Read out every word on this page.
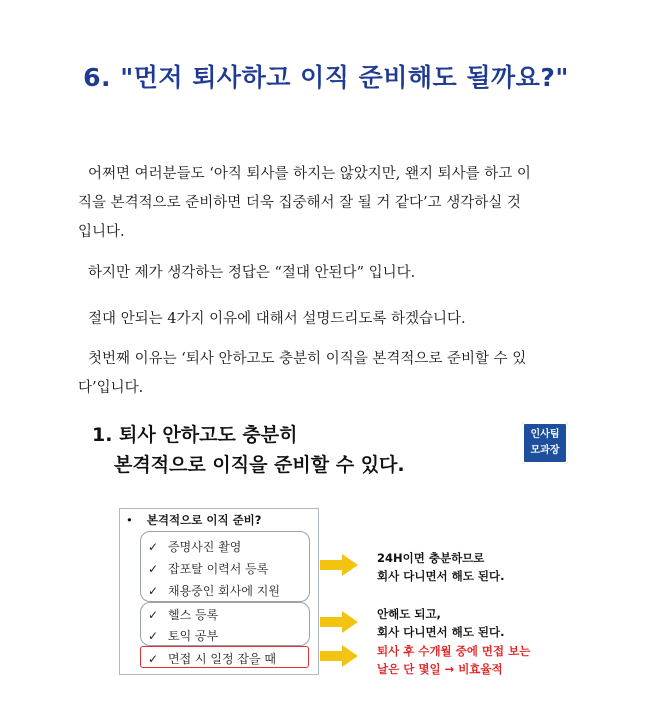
6. "먼저 퇴사하고 이직 준비해도 될까요?"
어쩌면 여러분들도 ‘아직 퇴사를 하지는 않았지만, 왠지 퇴사를 하고 이
직을 본격적으로 준비하면 더욱 집중해서 잘 될 거 같다’고 생각하실 것
입니다.
하지만 제가 생각하는 정답은 “절대 안된다” 입니다.
절대 안되는 4가지 이유에 대해서 설명드리도록 하겠습니다.
첫번째 이유는 ‘퇴사 안하고도 충분히 이직을 본격적으로 준비할 수 있
다’입니다.
1. 퇴사 안하고도 충분히
본격적으로 이직을 준비할 수 있다.
인사팀
모과장
• 본격적으로 이직 준비?
✓ 증명사진 촬영
✓ 잡포탈 이력서 등록
✓ 채용중인 회사에 지원
✓ 헬스 등록
✓ 토익 공부
✓ 면접 시 일정 잡을 때
24H이면 충분하므로
회사 다니면서 해도 된다.
안해도 되고,
회사 다니면서 해도 된다.
퇴사 후 수개월 중에 면접 보는
날은 단 몇일 → 비효율적
